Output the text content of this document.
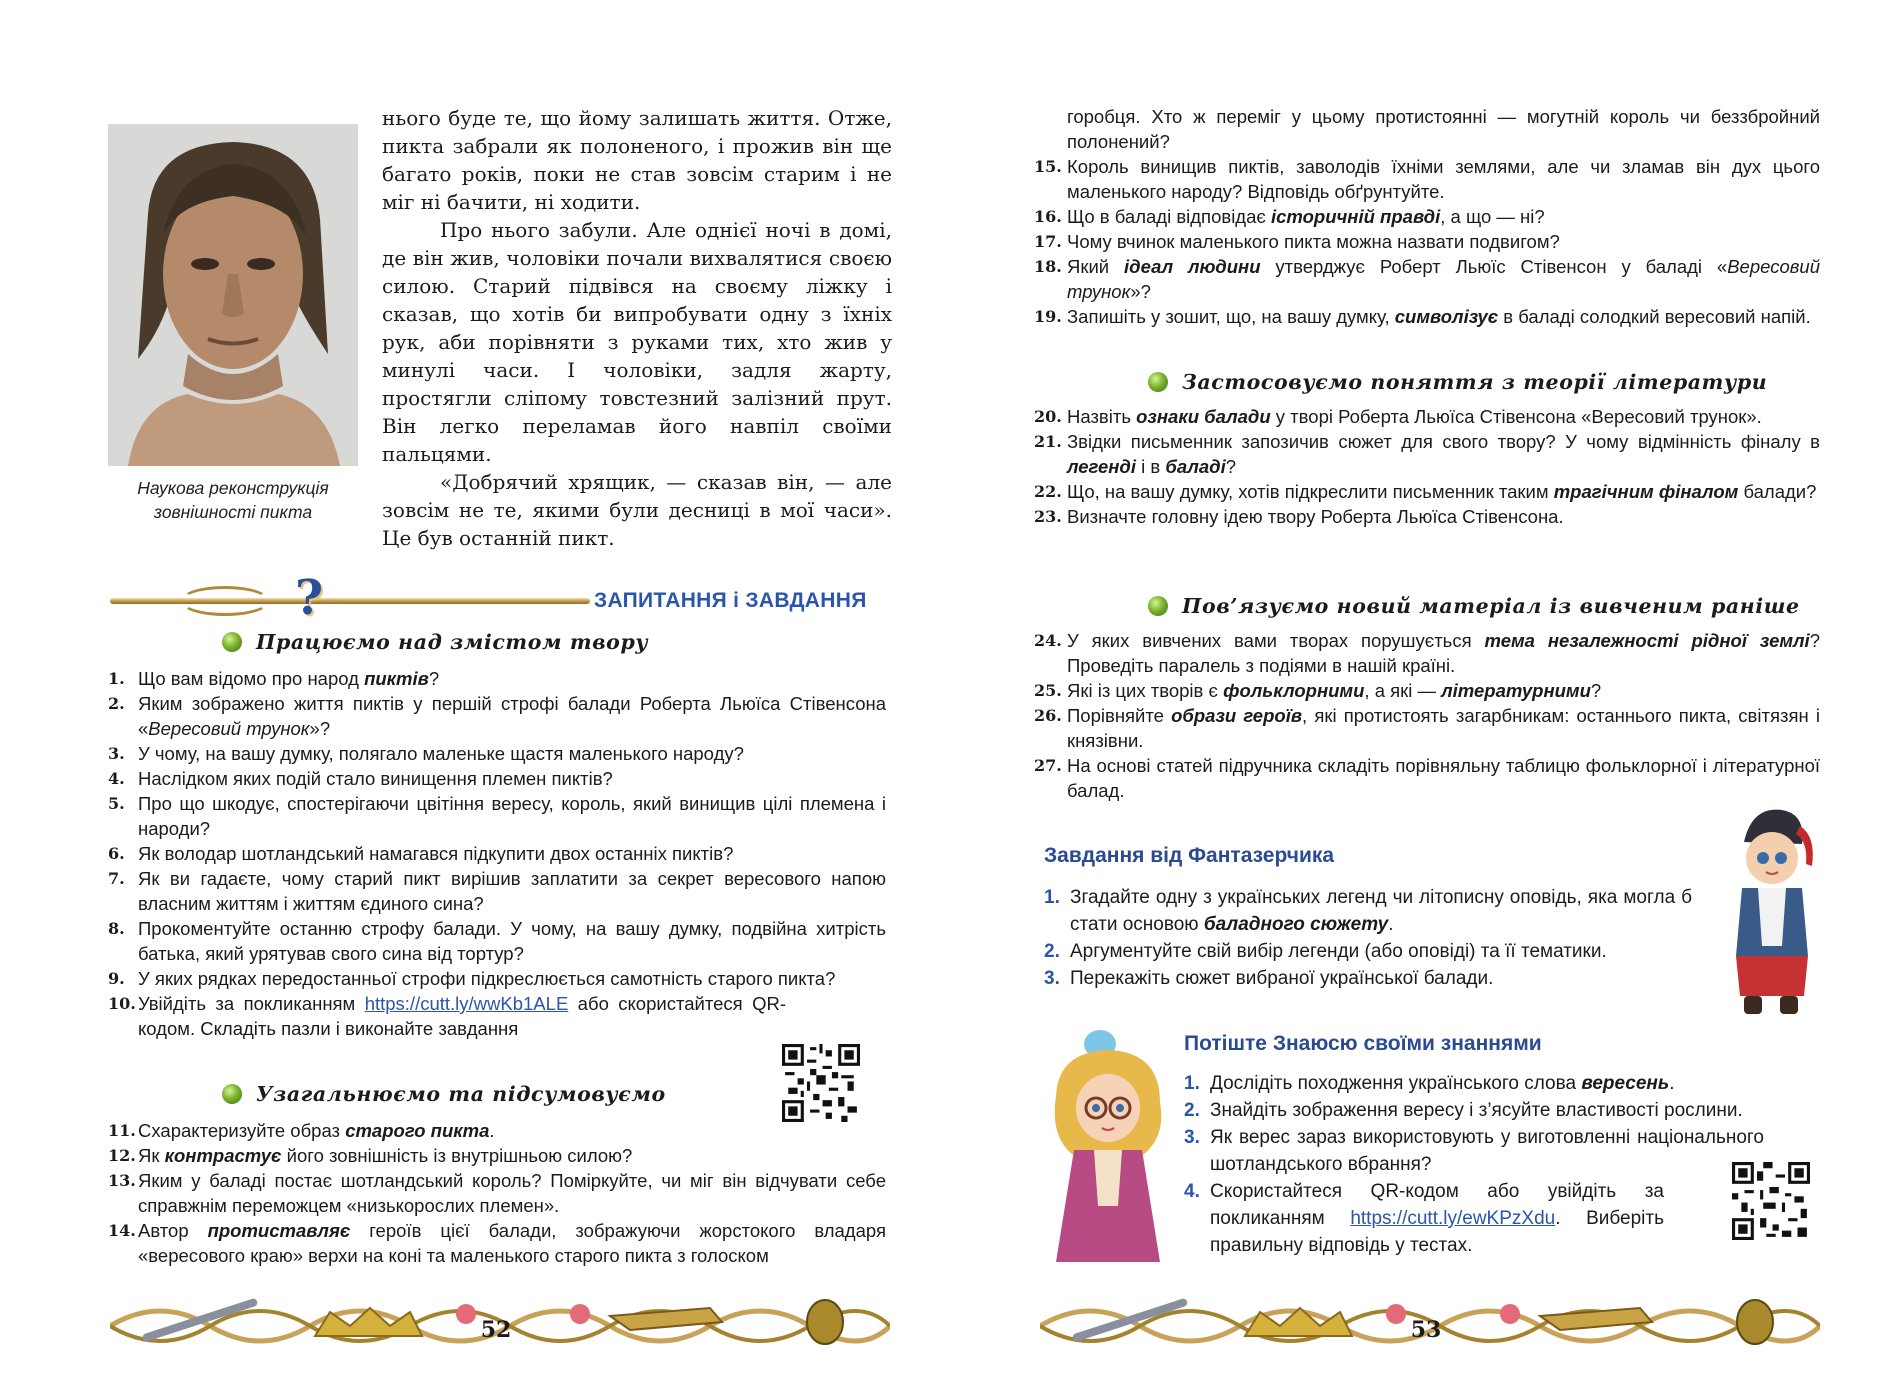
Наукова реконструкція зовнішності пикта

нього буде те, що йому залишать життя. Отже, пикта забрали як полоненого, і прожив він ще багато років, поки не став зовсім старим і не міг ні бачити, ні ходити.

Про нього забули. Але однієї ночі в домі, де він жив, чоловіки почали вихвалятися своєю силою. Старий підвівся на своєму ліжку і сказав, що хотів би випробувати одну з їхніх рук, аби порівняти з руками тих, хто жив у минулі часи. І чоловіки, задля жарту, простягли сліпому товстезний залізний прут. Він легко переламав його навпіл своїми пальцями.

«Добрячий хрящик, — сказав він, — але зовсім не те, якими були десниці в мої часи». Це був останній пикт.

?	ЗАПИТАННЯ і ЗАВДАННЯ
Працюємо над змістом твору
1. Що вам відомо про народ пиктів?
2. Яким зображено життя пиктів у першій строфі балади Роберта Льюїса Стівенсона «Вересовий трунок»?
3. У чому, на вашу думку, полягало маленьке щастя маленького народу?
4. Наслідком яких подій стало винищення племен пиктів?
5. Про що шкодує, спостерігаючи цвітіння вересу, король, який винищив цілі племена і народи?
6. Як володар шотландський намагався підкупити двох останніх пиктів?
7. Як ви гадаєте, чому старий пикт вирішив заплатити за секрет вересового напою власним життям і життям єдиного сина?
8. Прокоментуйте останню строфу балади. У чому, на вашу думку, подвійна хитрість батька, який урятував свого сина від тортур?
9. У яких рядках передостанньої строфи підкреслюється самотність старого пикта?
10. Увійдіть за покликанням https://cutt.ly/wwKb1ALE або скористайтеся QR-кодом. Складіть пазли і виконайте завдання
Узагальнюємо та підсумовуємо
11. Схарактеризуйте образ старого пикта.
12. Як контрастує його зовнішність із внутрішньою силою?
13. Яким у баладі постає шотландський король? Поміркуйте, чи міг він відчувати себе справжнім переможцем «низькорослих племен».
14. Автор протиставляє героїв цієї балади, зображуючи жорстокого владаря «вересового краю» верхи на коні та маленького старого пикта з голоском
52
горобця. Хто ж переміг у цьому протистоянні — могутній король чи беззбройний полонений?
15. Король винищив пиктів, заволодів їхніми землями, але чи зламав він дух цього маленького народу? Відповідь обґрунтуйте.
16. Що в баладі відповідає історичній правді, а що — ні?
17. Чому вчинок маленького пикта можна назвати подвигом?
18. Який ідеал людини утверджує Роберт Льюїс Стівенсон у баладі «Вересовий трунок»?
19. Запишіть у зошит, що, на вашу думку, символізує в баладі солодкий вересовий напій.
Застосовуємо поняття з теорії літератури
20. Назвіть ознаки балади у творі Роберта Льюїса Стівенсона «Вересовий трунок».
21. Звідки письменник запозичив сюжет для свого твору? У чому відмінність фіналу в легенді і в баладі?
22. Що, на вашу думку, хотів підкреслити письменник таким трагічним фіналом балади?
23. Визначте головну ідею твору Роберта Льюїса Стівенсона.
Пов’язуємо новий матеріал із вивченим раніше
24. У яких вивчених вами творах порушується тема незалежності рідної землі? Проведіть паралель з подіями в нашій країні.
25. Які із цих творів є фольклорними, а які — літературними?
26. Порівняйте образи героїв, які протистоять загарбникам: останнього пикта, світязян і князівни.
27. На основі статей підручника складіть порівняльну таблицю фольклорної і літературної балад.
Завдання від Фантазерчика
1. Згадайте одну з українських легенд чи літописну оповідь, яка могла б стати основою баладного сюжету.
2. Аргументуйте свій вибір легенди (або оповіді) та її тематики.
3. Перекажіть сюжет вибраної української балади.
Потіште Знаюсю своїми знаннями
1. Дослідіть походження українського слова вересень.
2. Знайдіть зображення вересу і з’ясуйте властивості рослини.
3. Як верес зараз використовують у виготовленні національного шотландського вбрання?
4. Скористайтеся QR-кодом або увійдіть за покликанням https://cutt.ly/ewKPzXdu. Виберіть правильну відповідь у тестах.
53
